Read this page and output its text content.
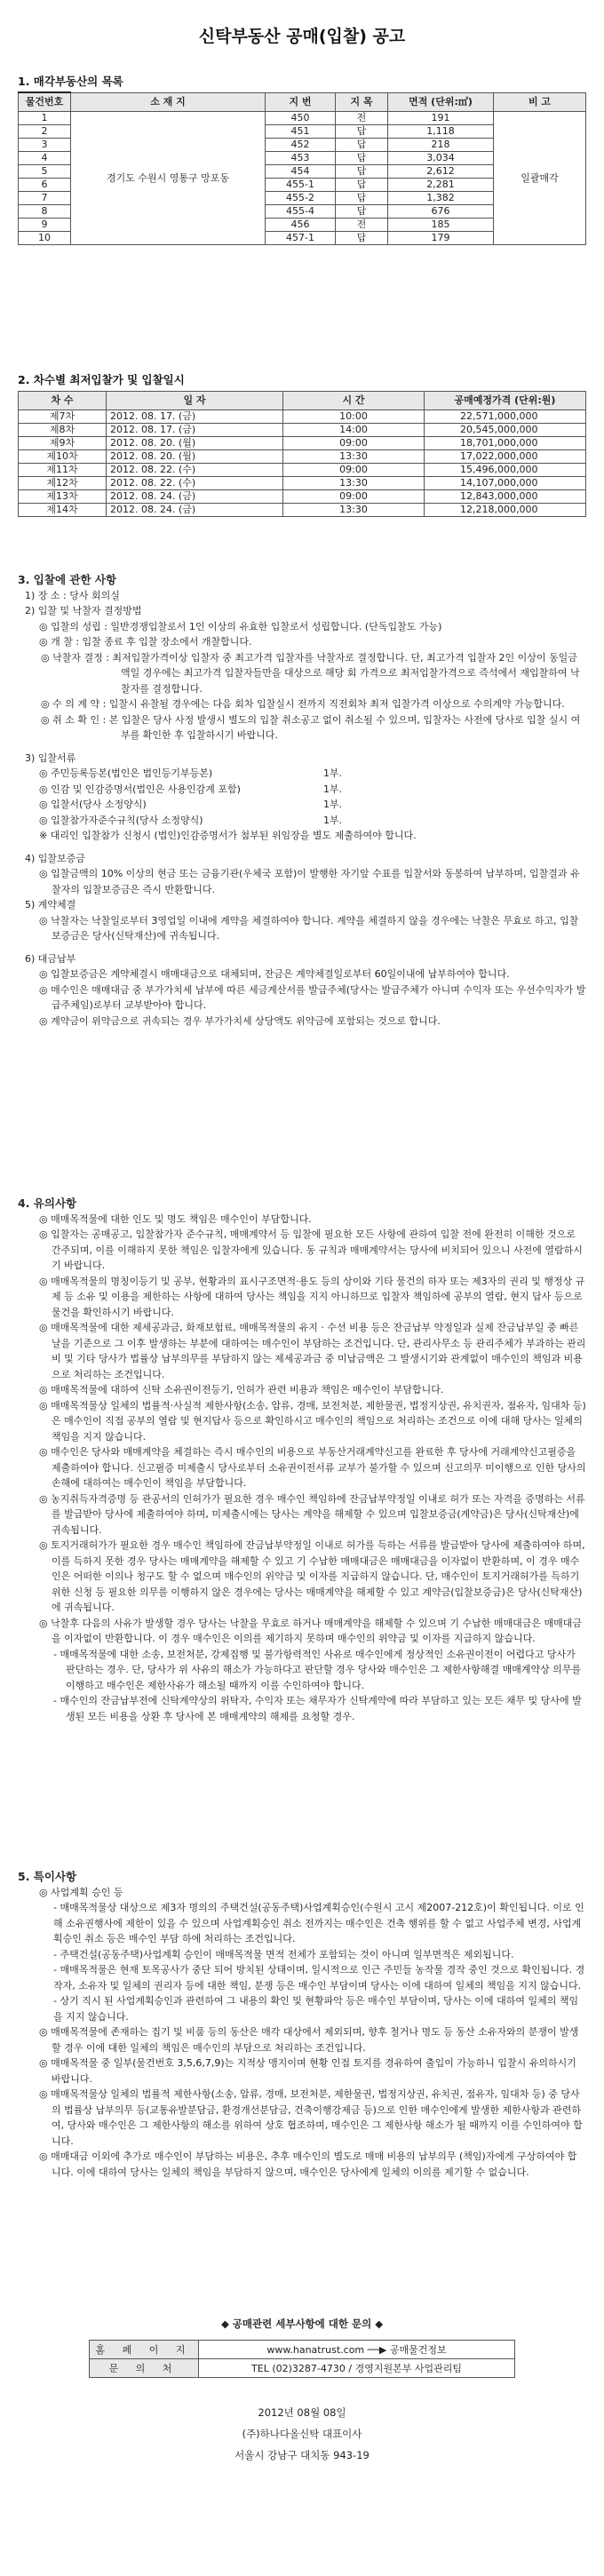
신탁부동산 공매(입찰) 공고
1. 매각부동산의 목록
물건번호	소 재 지	지 번	지 목	면적 (단위:㎡)	비 고
1	경기도 수원시 영통구 망포동	450	전	191	일괄매각
2		451	답	1,118	
3		452	답	218	
4		453	답	3,034	
5		454	답	2,612	
6		455-1	답	2,281	
7		455-2	답	1,382	
8		455-4	답	676	
9		456	전	185	
10		457-1	답	179	
2. 차수별 최저입찰가 및 입찰일시
차 수	일 자	시 간	공매예정가격 (단위:원)
제7차	2012. 08. 17. (금)	10:00	22,571,000,000
제8차	2012. 08. 17. (금)	14:00	20,545,000,000
제9차	2012. 08. 20. (월)	09:00	18,701,000,000
제10차	2012. 08. 20. (월)	13:30	17,022,000,000
제11차	2012. 08. 22. (수)	09:00	15,496,000,000
제12차	2012. 08. 22. (수)	13:30	14,107,000,000
제13차	2012. 08. 24. (금)	09:00	12,843,000,000
제14차	2012. 08. 24. (금)	13:30	12,218,000,000
3. 입찰에 관한 사항
1) 장 소 : 당사 회의실
2) 입찰 및 낙찰자 결정방법
◎ 입찰의 성립 : 일반경쟁입찰로서 1인 이상의 유효한 입찰로서 성립합니다. (단독입찰도 가능)
◎ 개 찰 : 입찰 종료 후 입찰 장소에서 개찰합니다.
◎ 낙찰자 결정 : 최저입찰가격이상 입찰자 중 최고가격 입찰자를 낙찰자로 결정합니다. 단, 최고가격 입찰자 2인 이상이 동일금액일 경우에는 최고가격 입찰자들만을 대상으로 해당 회 가격으로 최저입찰가격으로 즉석에서 재입찰하여 낙찰자를 결정합니다.
◎ 수 의 계 약 : 입찰시 유찰될 경우에는 다음 회차 입찰실시 전까지 직전회차 최저 입찰가격 이상으로 수의계약 가능합니다.
◎ 취 소 확 인 : 본 입찰은 당사 사정 발생시 별도의 입찰 취소공고 없이 취소될 수 있으며, 입찰자는 사전에 당사로 입찰 실시 여부를 확인한 후 입찰하시기 바랍니다.
3) 입찰서류
◎ 주민등록등본(법인은 법인등기부등본)	1부.
◎ 인감 및 인감증명서(법인은 사용인감계 포함)	1부.
◎ 입찰서(당사 소정양식)	1부.
◎ 입찰참가자준수규칙(당사 소정양식)	1부.
※ 대리인 입찰참가 신청시 (법인)인감증명서가 첨부된 위임장을 별도 제출하여야 합니다.
4) 입찰보증금
◎ 입찰금액의 10% 이상의 현금 또는 금융기관(우체국 포함)이 발행한 자기앞 수표를 입찰서와 동봉하여 납부하며, 입찰결과 유찰자의 입찰보증금은 즉시 반환합니다.
5) 계약체결
◎ 낙찰자는 낙찰일로부터 3영업일 이내에 계약을 체결하여야 합니다. 계약을 체결하지 않을 경우에는 낙찰은 무효로 하고, 입찰보증금은 당사(신탁재산)에 귀속됩니다.
6) 대금납부
◎ 입찰보증금은 계약체결시 매매대금으로 대체되며, 잔금은 계약체결일로부터 60일이내에 납부하여야 합니다.
◎ 매수인은 매매대금 중 부가가치세 납부에 따른 세금계산서를 발급주체(당사는 발급주체가 아니며 수익자 또는 우선수익자가 발급주체임)로부터 교부받아야 합니다.
◎ 계약금이 위약금으로 귀속되는 경우 부가가치세 상당액도 위약금에 포함되는 것으로 합니다.
4. 유의사항
◎ 매매목적물에 대한 인도 및 명도 책임은 매수인이 부담합니다.
◎ 입찰자는 공매공고, 입찰참가자 준수규칙, 매매계약서 등 입찰에 필요한 모든 사항에 관하여 입찰 전에 완전히 이해한 것으로 간주되며, 이를 이해하지 못한 책임은 입찰자에게 있습니다. 동 규칙과 매매계약서는 당사에 비치되어 있으니 사전에 열람하시기 바랍니다.
◎ 매매목적물의 명칭이등기 및 공부, 현황과의 표시구조면적·용도 등의 상이와 기타 물건의 하자 또는 제3자의 권리 및 행정상 규제 등 소유 및 이용을 제한하는 사항에 대하여 당사는 책임을 지지 아니하므로 입찰자 책임하에 공부의 열람, 현지 답사 등으로 물건을 확인하시기 바랍니다.
◎ 매매목적물에 대한 제세공과금, 화재보험료, 매매목적물의 유지 · 수선 비용 등은 잔금납부 약정일과 실제 잔금납부일 중 빠른 날을 기준으로 그 이후 발생하는 부분에 대하여는 매수인이 부담하는 조건입니다. 단, 관리사무소 등 관리주체가 부과하는 관리비 및 기타 당사가 법률상 납부의무를 부담하지 않는 제세공과금 중 미납금액은 그 발생시기와 관계없이 매수인의 책임과 비용으로 처리하는 조건입니다.
◎ 매매목적물에 대하여 신탁 소유권이전등기, 인허가 관련 비용과 책임은 매수인이 부담합니다.
◎ 매매목적물상 일체의 법률적·사실적 제한사항(소송, 압류, 경매, 보전처분, 제한물권, 법정지상권, 유치권자, 점유자, 임대차 등)은 매수인이 직접 공부의 열람 및 현지답사 등으로 확인하시고 매수인의 책임으로 처리하는 조건으로 이에 대해 당사는 일체의 책임을 지지 않습니다.
◎ 매수인은 당사와 매매계약을 체결하는 즉시 매수인의 비용으로 부동산거래계약신고를 완료한 후 당사에 거래계약신고필증을 제출하여야 합니다. 신고필증 미제출시 당사로부터 소유권이전서류 교부가 불가할 수 있으며 신고의무 미이행으로 인한 당사의 손해에 대하여는 매수인이 책임을 부담합니다.
◎ 농지취득자격증명 등 관공서의 인허가가 필요한 경우 매수인 책임하에 잔금납부약정일 이내로 허가 또는 자격을 증명하는 서류를 발급받아 당사에 제출하여야 하며, 미제출시에는 당사는 계약을 해제할 수 있으며 입찰보증금(계약금)은 당사(신탁재산)에 귀속됩니다.
◎ 토지거래허가가 필요한 경우 매수인 책임하에 잔금납부약정일 이내로 허가를 득하는 서류를 발급받아 당사에 제출하여야 하며, 이를 득하지 못한 경우 당사는 매매계약을 해제할 수 있고 기 수납한 매매대금은 매매대금을 이자없이 반환하며, 이 경우 매수인은 어떠한 이의나 청구도 할 수 없으며 매수인의 위약금 및 이자를 지급하지 않습니다. 단, 매수인이 토지거래허가를 득하기 위한 신청 등 필요한 의무를 이행하지 않은 경우에는 당사는 매매계약을 해제할 수 있고 계약금(입찰보증금)은 당사(신탁재산)에 귀속됩니다.
◎ 낙찰후 다음의 사유가 발생할 경우 당사는 낙찰을 무효로 하거나 매매계약을 해제할 수 있으며 기 수납한 매매대금은 매매대금을 이자없이 반환합니다. 이 경우 매수인은 이의를 제기하지 못하며 매수인의 위약금 및 이자를 지급하지 않습니다.
- 매매목적물에 대한 소송, 보전처분, 강제집행 및 불가항력적인 사유로 매수인에게 정상적인 소유권이전이 어렵다고 당사가 판단하는 경우. 단, 당사가 위 사유의 해소가 가능하다고 판단할 경우 당사와 매수인은 그 제한사항해결 매매계약상 의무를 이행하고 매수인은 제한사유가 해소될 때까지 이를 수인하여야 합니다.
- 매수인의 잔금납부전에 신탁계약상의 위탁자, 수익자 또는 채무자가 신탁계약에 따라 부담하고 있는 모든 채무 및 당사에 발생된 모든 비용을 상환 후 당사에 본 매매계약의 해제를 요청할 경우.
5. 특이사항
◎ 사업계획 승인 등
- 매매목적물상 대상으로 제3자 명의의 주택건설(공동주택)사업계획승인(수원시 고시 제2007-212호)이 확인됩니다. 이로 인해 소유권행사에 제한이 있을 수 있으며 사업계획승인 취소 전까지는 매수인은 건축 행위를 할 수 없고 사업주체 변경, 사업계획승인 취소 등은 매수인 부담 하에 처리하는 조건입니다.
- 주택건설(공동주택)사업계획 승인이 매매목적물 면적 전체가 포함되는 것이 아니며 일부면적은 제외됩니다.
- 매매목적물은 현재 토목공사가 중단 되어 방치된 상태이며, 일시적으로 인근 주민들 농작물 경작 중인 것으로 확인됩니다. 경작자, 소유자 및 일체의 권리자 등에 대한 책임, 분쟁 등은 매수인 부담이며 당사는 이에 대하여 일체의 책임을 지지 않습니다.
- 상기 직시 된 사업계획승인과 관련하여 그 내용의 확인 및 현황파악 등은 매수인 부담이며, 당사는 이에 대하여 일체의 책임을 지지 않습니다.
◎ 매매목적물에 존재하는 집기 및 비품 등의 동산은 매각 대상에서 제외되며, 향후 철거나 명도 등 동산 소유자와의 분쟁이 발생할 경우 이에 대한 일체의 책임은 매수인의 부담으로 처리하는 조건입니다.
◎ 매매목적물 중 일부(물건번호 3,5,6,7,9)는 지적상 맹지이며 현황 인접 토지를 경유하여 출입이 가능하니 입찰시 유의하시기 바랍니다.
◎ 매매목적물상 일체의 법률적 제한사항(소송, 압류, 경매, 보전처분, 제한물권, 법정지상권, 유치권, 점유자, 임대차 등) 중 당사의 법률상 납부의무 등(교통유발분담금, 환경개선분담금, 건축이행강제금 등)으로 인한 매수인에게 발생한 제한사항과 관련하여, 당사와 매수인은 그 제한사항의 해소를 위하여 상호 협조하며, 매수인은 그 제한사항 해소가 될 때까지 이를 수인하여야 합니다.
◎ 매매대금 이외에 추가로 매수인이 부담하는 비용은, 추후 매수인의 별도로 매매 비용의 납부의무 (책임)자에게 구상하여야 합니다. 이에 대하여 당사는 일체의 책임을 부담하지 않으며, 매수인은 당사에게 일체의 이의를 제기할 수 없습니다.
◆ 공매관련 세부사항에 대한 문의 ◆
홈 페 이 지	www.hanatrust.com ──▶ 공매물건정보
문 의 처	TEL (02)3287-4730 / 경영지원본부 사업관리팀
2012년 08월 08일
(주)하나다올신탁 대표이사
서울시 강남구 대치동 943-19
